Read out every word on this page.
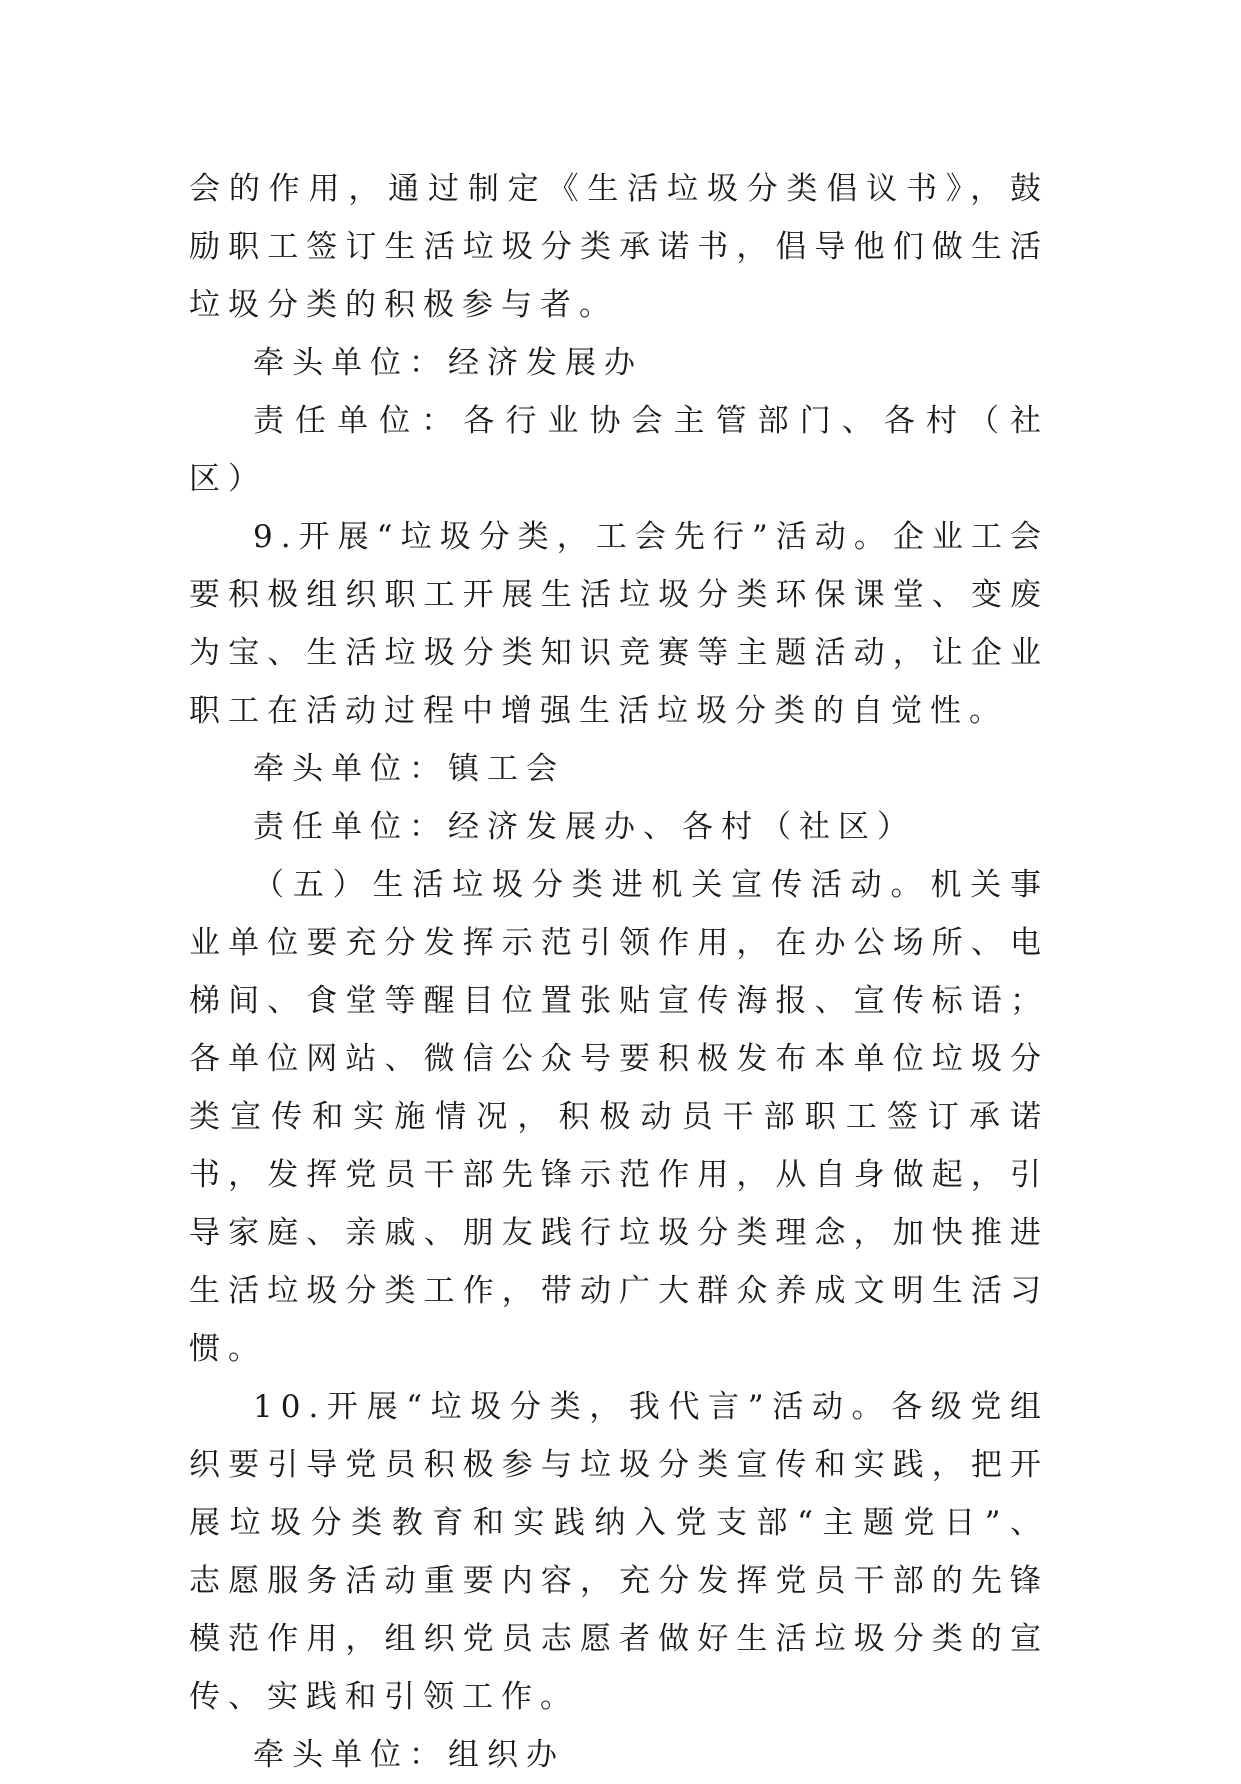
会的作用，通过制定《生活垃圾分类倡议书》，鼓励职工签订生活垃圾分类承诺书，倡导他们做生活垃圾分类的积极参与者。

牵头单位：经济发展办

责任单位：各行业协会主管部门、各村（社区）

9.开展“垃圾分类，工会先行”活动。企业工会要积极组织职工开展生活垃圾分类环保课堂、变废为宝、生活垃圾分类知识竞赛等主题活动，让企业职工在活动过程中增强生活垃圾分类的自觉性。

牵头单位：镇工会

责任单位：经济发展办、各村（社区）

（五）生活垃圾分类进机关宣传活动。机关事业单位要充分发挥示范引领作用，在办公场所、电梯间、食堂等醒目位置张贴宣传海报、宣传标语；各单位网站、微信公众号要积极发布本单位垃圾分类宣传和实施情况，积极动员干部职工签订承诺书，发挥党员干部先锋示范作用，从自身做起，引导家庭、亲戚、朋友践行垃圾分类理念，加快推进生活垃圾分类工作，带动广大群众养成文明生活习惯。

10.开展“垃圾分类，我代言”活动。各级党组织要引导党员积极参与垃圾分类宣传和实践，把开展垃圾分类教育和实践纳入党支部“主题党日”、志愿服务活动重要内容，充分发挥党员干部的先锋模范作用，组织党员志愿者做好生活垃圾分类的宣传、实践和引领工作。

牵头单位：组织办
